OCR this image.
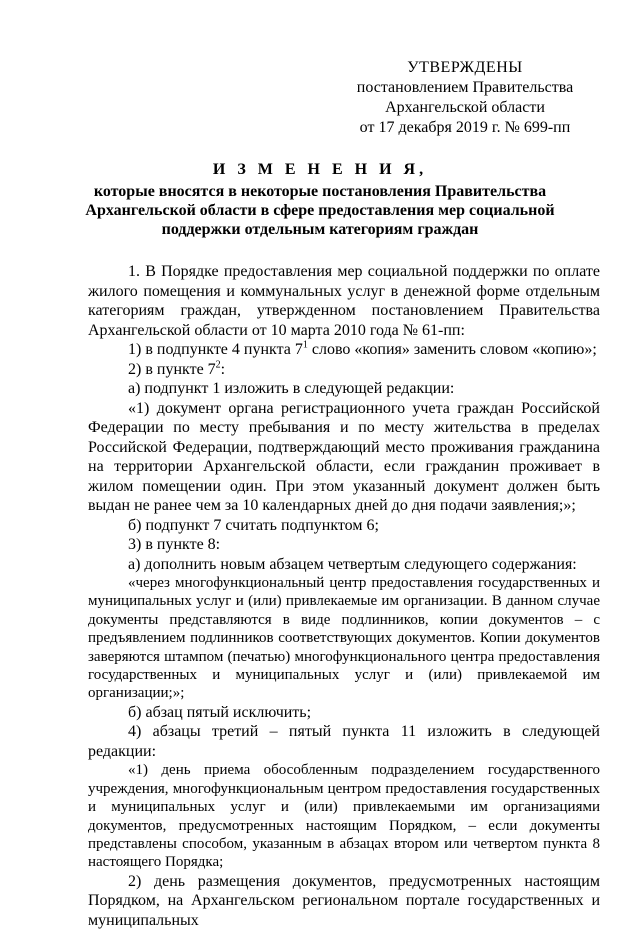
УТВЕРЖДЕНЫ
постановлением Правительства
Архангельской области
от 17 декабря 2019 г. № 699-пп
И З М Е Н Е Н И Я,
которые вносятся в некоторые постановления Правительства
Архангельской области в сфере предоставления мер социальной
поддержки отдельным категориям граждан

1. В Порядке предоставления мер социальной поддержки по оплате жилого помещения и коммунальных услуг в денежной форме отдельным категориям граждан, утвержденном постановлением Правительства Архангельской области от 10 марта 2010 года № 61-пп:

1) в подпункте 4 пункта $7^1$ слово «копия» заменить словом «копию»;

2) в пункте $7^2$:

а) подпункт 1 изложить в следующей редакции:

«1) документ органа регистрационного учета граждан Российской Федерации по месту пребывания и по месту жительства в пределах Российской Федерации, подтверждающий место проживания гражданина на территории Архангельской области, если гражданин проживает в жилом помещении один. При этом указанный документ должен быть выдан не ранее чем за 10 календарных дней до дня подачи заявления;»;

б) подпункт 7 считать подпунктом 6;

3) в пункте 8:

а) дополнить новым абзацем четвертым следующего содержания:

«через многофункциональный центр предоставления государственных и муниципальных услуг и (или) привлекаемые им организации. В данном случае документы представляются в виде подлинников, копии документов – с предъявлением подлинников соответствующих документов. Копии документов заверяются штампом (печатью) многофункционального центра предоставления государственных и муниципальных услуг и (или) привлекаемой им организации;»;

б) абзац пятый исключить;

4) абзацы третий – пятый пункта 11 изложить в следующей редакции:

«1) день приема обособленным подразделением государственного учреждения, многофункциональным центром предоставления государственных и муниципальных услуг и (или) привлекаемыми им организациями документов, предусмотренных настоящим Порядком, – если документы представлены способом, указанным в абзацах втором или четвертом пункта 8 настоящего Порядка;

2) день размещения документов, предусмотренных настоящим Порядком, на Архангельском региональном портале государственных и муниципальных
